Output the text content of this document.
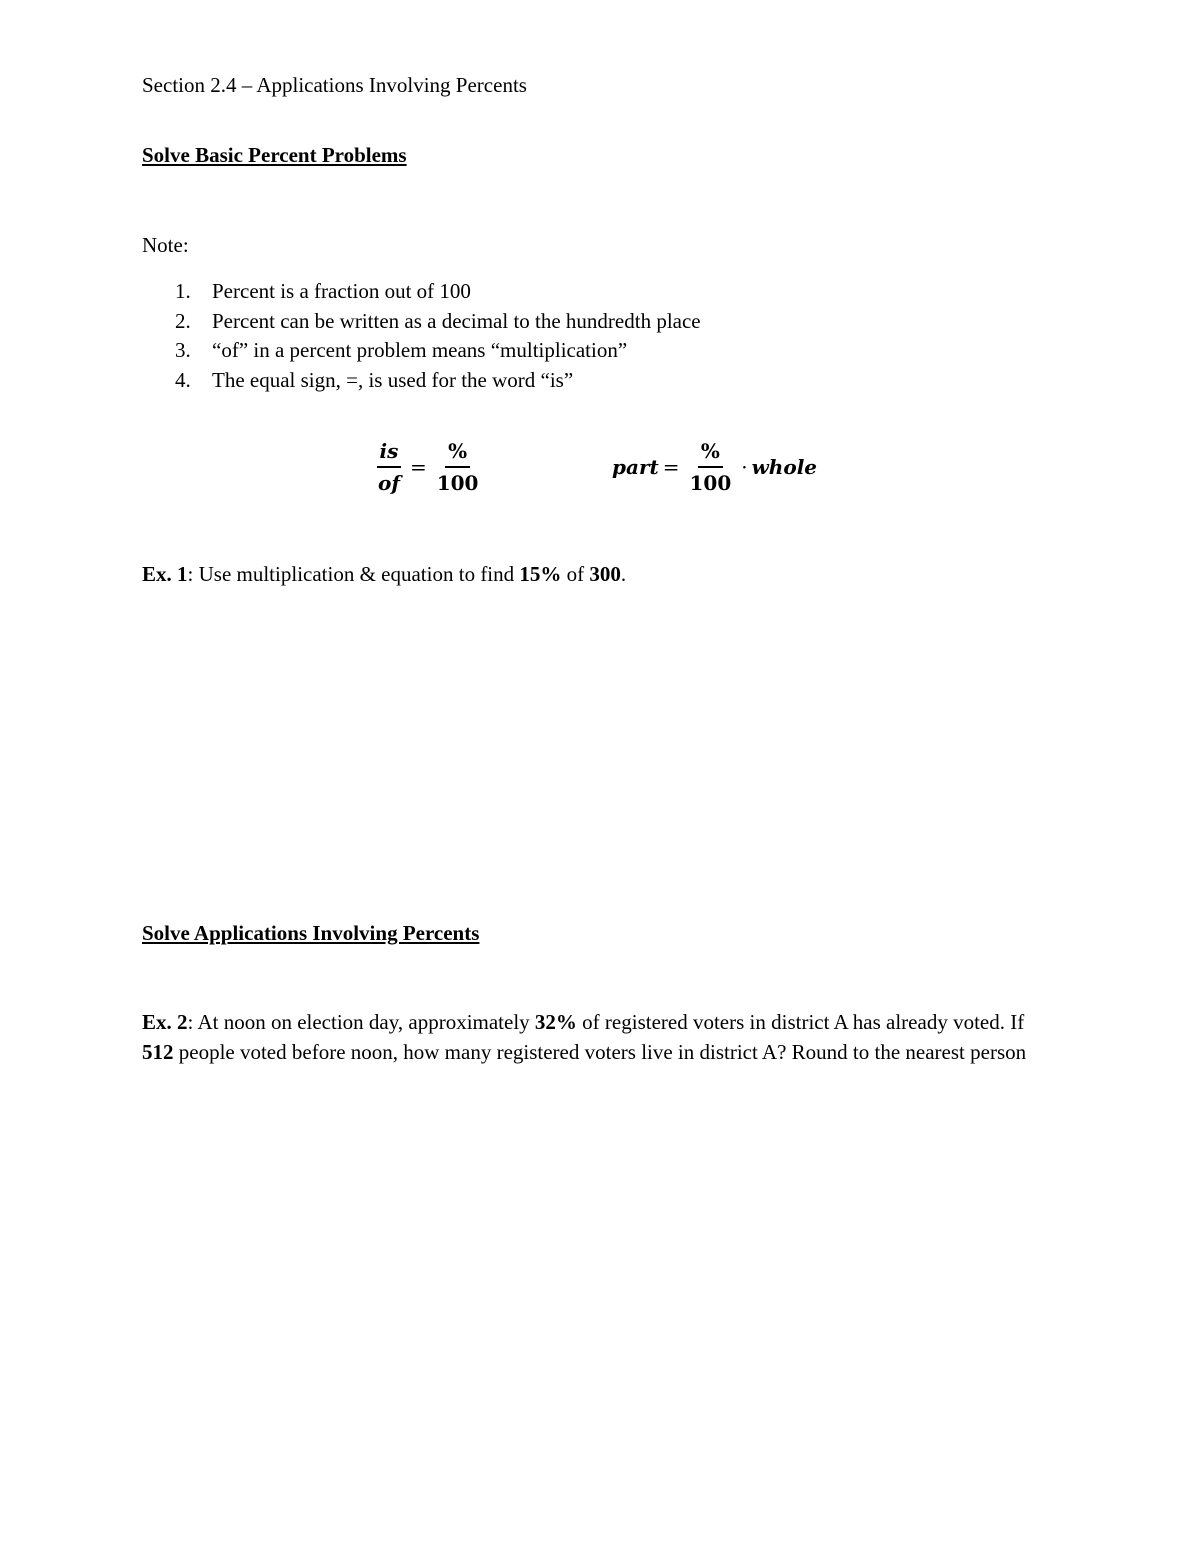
Section 2.4 – Applications Involving Percents
Solve Basic Percent Problems
Note:
1. Percent is a fraction out of 100
2. Percent can be written as a decimal to the hundredth place
3. “of” in a percent problem means “multiplication”
4. The equal sign, =, is used for the word “is”
$\frac{is}{of} = \frac{\%}{100}$	part = $\frac{\%}{100}$ · whole
Ex. 1: Use multiplication & equation to find 15% of 300.
Solve Applications Involving Percents
Ex. 2: At noon on election day, approximately 32% of registered voters in district A has already voted. If 512 people voted before noon, how many registered voters live in district A? Round to the nearest person
